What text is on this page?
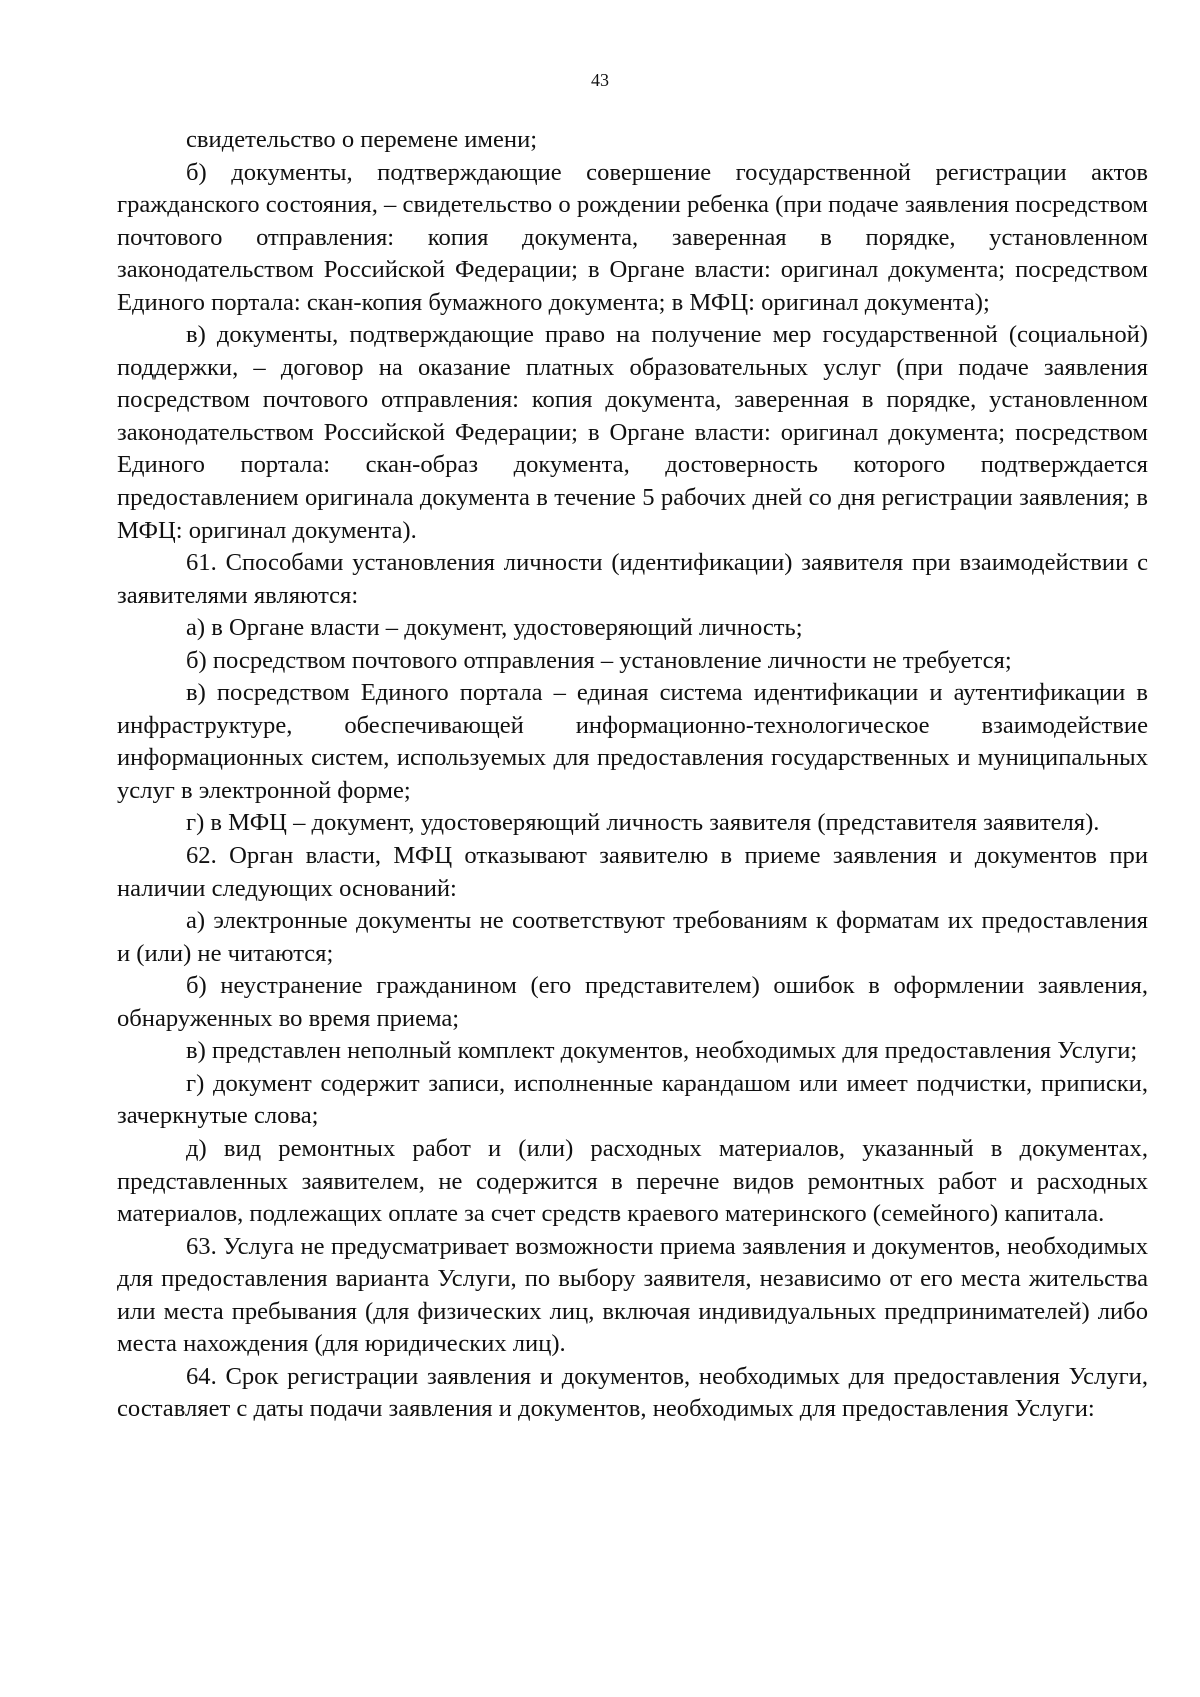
43

свидетельство о перемене имени;

б) документы, подтверждающие совершение государственной регистрации актов гражданского состояния, – свидетельство о рождении ребенка (при подаче заявления посредством почтового отправления: копия документа, заверенная в порядке, установленном законодательством Российской Федерации; в Органе власти: оригинал документа; посредством Единого портала: скан-копия бумажного документа; в МФЦ: оригинал документа);

в) документы, подтверждающие право на получение мер государственной (социальной) поддержки, – договор на оказание платных образовательных услуг (при подаче заявления посредством почтового отправления: копия документа, заверенная в порядке, установленном законодательством Российской Федерации; в Органе власти: оригинал документа; посредством Единого портала: скан-образ документа, достоверность которого подтверждается предоставлением оригинала документа в течение 5 рабочих дней со дня регистрации заявления; в МФЦ: оригинал документа).

61. Способами установления личности (идентификации) заявителя при взаимодействии с заявителями являются:

а) в Органе власти – документ, удостоверяющий личность;

б) посредством почтового отправления – установление личности не требуется;

в) посредством Единого портала – единая система идентификации и аутентификации в инфраструктуре, обеспечивающей информационно-технологическое взаимодействие информационных систем, используемых для предоставления государственных и муниципальных услуг в электронной форме;

г) в МФЦ – документ, удостоверяющий личность заявителя (представителя заявителя).

62. Орган власти, МФЦ отказывают заявителю в приеме заявления и документов при наличии следующих оснований:

а) электронные документы не соответствуют требованиям к форматам их предоставления и (или) не читаются;

б) неустранение гражданином (его представителем) ошибок в оформлении заявления, обнаруженных во время приема;

в) представлен неполный комплект документов, необходимых для предоставления Услуги;

г) документ содержит записи, исполненные карандашом или имеет подчистки, приписки, зачеркнутые слова;

д) вид ремонтных работ и (или) расходных материалов, указанный в документах, представленных заявителем, не содержится в перечне видов ремонтных работ и расходных материалов, подлежащих оплате за счет средств краевого материнского (семейного) капитала.

63. Услуга не предусматривает возможности приема заявления и документов, необходимых для предоставления варианта Услуги, по выбору заявителя, независимо от его места жительства или места пребывания (для физических лиц, включая индивидуальных предпринимателей) либо места нахождения (для юридических лиц).

64. Срок регистрации заявления и документов, необходимых для предоставления Услуги, составляет с даты подачи заявления и документов, необходимых для предоставления Услуги:
